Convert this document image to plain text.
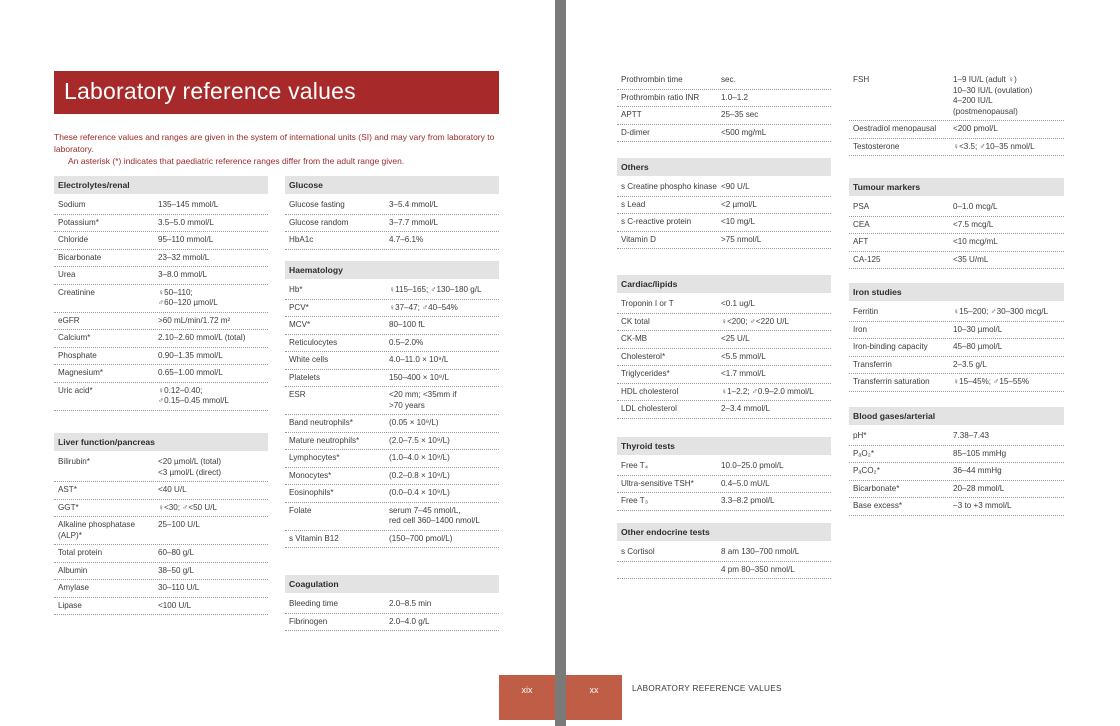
Laboratory reference values

These reference values and ranges are given in the system of international units (SI) and may vary from laboratory to laboratory.

An asterisk (*) indicates that paediatric reference ranges differ from the adult range given.

Electrolytes/renal
Sodium	135–145 mmol/L
Potassium*	3.5–5.0 mmol/L
Chloride	95–110 mmol/L
Bicarbonate	23–32 mmol/L
Urea	3–8.0 mmol/L
Creatinine	♀50–110;
♂60–120 µmol/L
eGFR	>60 mL/min/1.72 m²
Calcium*	2.10–2.60 mmol/L (total)
Phosphate	0.90–1.35 mmol/L
Magnesium*	0.65–1.00 mmol/L
Uric acid*	♀0.12–0.40;
♂0.15–0.45 mmol/L
Liver function/pancreas
Bilirubin*	<20 µmol/L (total)
<3 µmol/L (direct)
AST*	<40 U/L
GGT*	♀<30; ♂<50 U/L
Alkaline phosphatase (ALP)*
25–100 U/L
Total protein	60–80 g/L
Albumin	38–50 g/L
Amylase	30–110 U/L
Lipase	<100 U/L
Glucose
Glucose fasting	3–5.4 mmol/L
Glucose random	3–7.7 mmol/L
HbA1c	4.7–6.1%
Haematology
Hb*	♀115–165; ♂130–180 g/L
PCV*	♀37–47; ♂40–54%
MCV*	80–100 fL
Reticulocytes	0.5–2.0%
White cells	4.0–11.0 × 10⁹/L
Platelets	150–400 × 10⁹/L
ESR	<20 mm; <35mm if
>70 years
Band neutrophils*	(0.05 × 10⁹/L)
Mature neutrophils*	(2.0–7.5 × 10⁹/L)
Lymphocytes*	(1.0–4.0 × 10⁹/L)
Monocytes*	(0.2–0.8 × 10⁹/L)
Eosinophils*	(0.0–0.4 × 10⁹/L)
Folate	serum 7–45 nmol/L,
red cell 360–1400 nmol/L
s Vitamin B12	(150–700 pmol/L)
Coagulation
Bleeding time	2.0–8.5 min
Fibrinogen	2.0–4.0 g/L
xix
Prothrombin time	sec.
Prothrombin ratio INR	1.0–1.2
APTT	25–35 sec
D-dimer	<500 mg/mL
Others
s Creatine phospho kinase <90 U/L
s Lead	<2 µmol/L
s C-reactive protein	<10 mg/L
Vitamin D	>75 nmol/L
Cardiac/lipids
Troponin I or T	<0.1 ug/L
CK total	♀<200; ♂<220 U/L
CK-MB	<25 U/L
Cholesterol*	<5.5 mmol/L
Triglycerides*	<1.7 mmol/L
HDL cholesterol	♀1–2.2; ♂0.9–2.0 mmol/L
LDL cholesterol	2–3.4 mmol/L
Thyroid tests
Free T₄	10.0–25.0 pmol/L
Ultra-sensitive TSH*	0.4–5.0 mU/L
Free T₃	3.3–8.2 pmol/L
Other endocrine tests
s Cortisol	8 am 130–700 nmol/L
4 pm 80–350 nmol/L
FSH	1–9 IU/L (adult ♀)
10–30 IU/L (ovulation)
4–200 IU/L
(postmenopausal)
Oestradiol menopausal	<200 pmol/L
Testosterone	♀<3.5; ♂10–35 nmol/L
Tumour markers
PSA	0–1.0 mcg/L
CEA	<7.5 mcg/L
AFT	<10 mcg/mL
CA-125	<35 U/mL
Iron studies
Ferritin	♀15–200; ♂30–300 mcg/L
Iron	10–30 µmol/L
Iron-binding capacity	45–80 µmol/L
Transferrin	2–3.5 g/L
Transferrin saturation	♀15–45%; ♂15–55%
Blood gases/arterial
pH*	7.38–7.43
PₐO₂*	85–105 mmHg
PₐCO₂*	36–44 mmHg
Bicarbonate*	20–28 mmol/L
Base excess*	−3 to +3 mmol/L
xx	LABORATORY REFERENCE VALUES
